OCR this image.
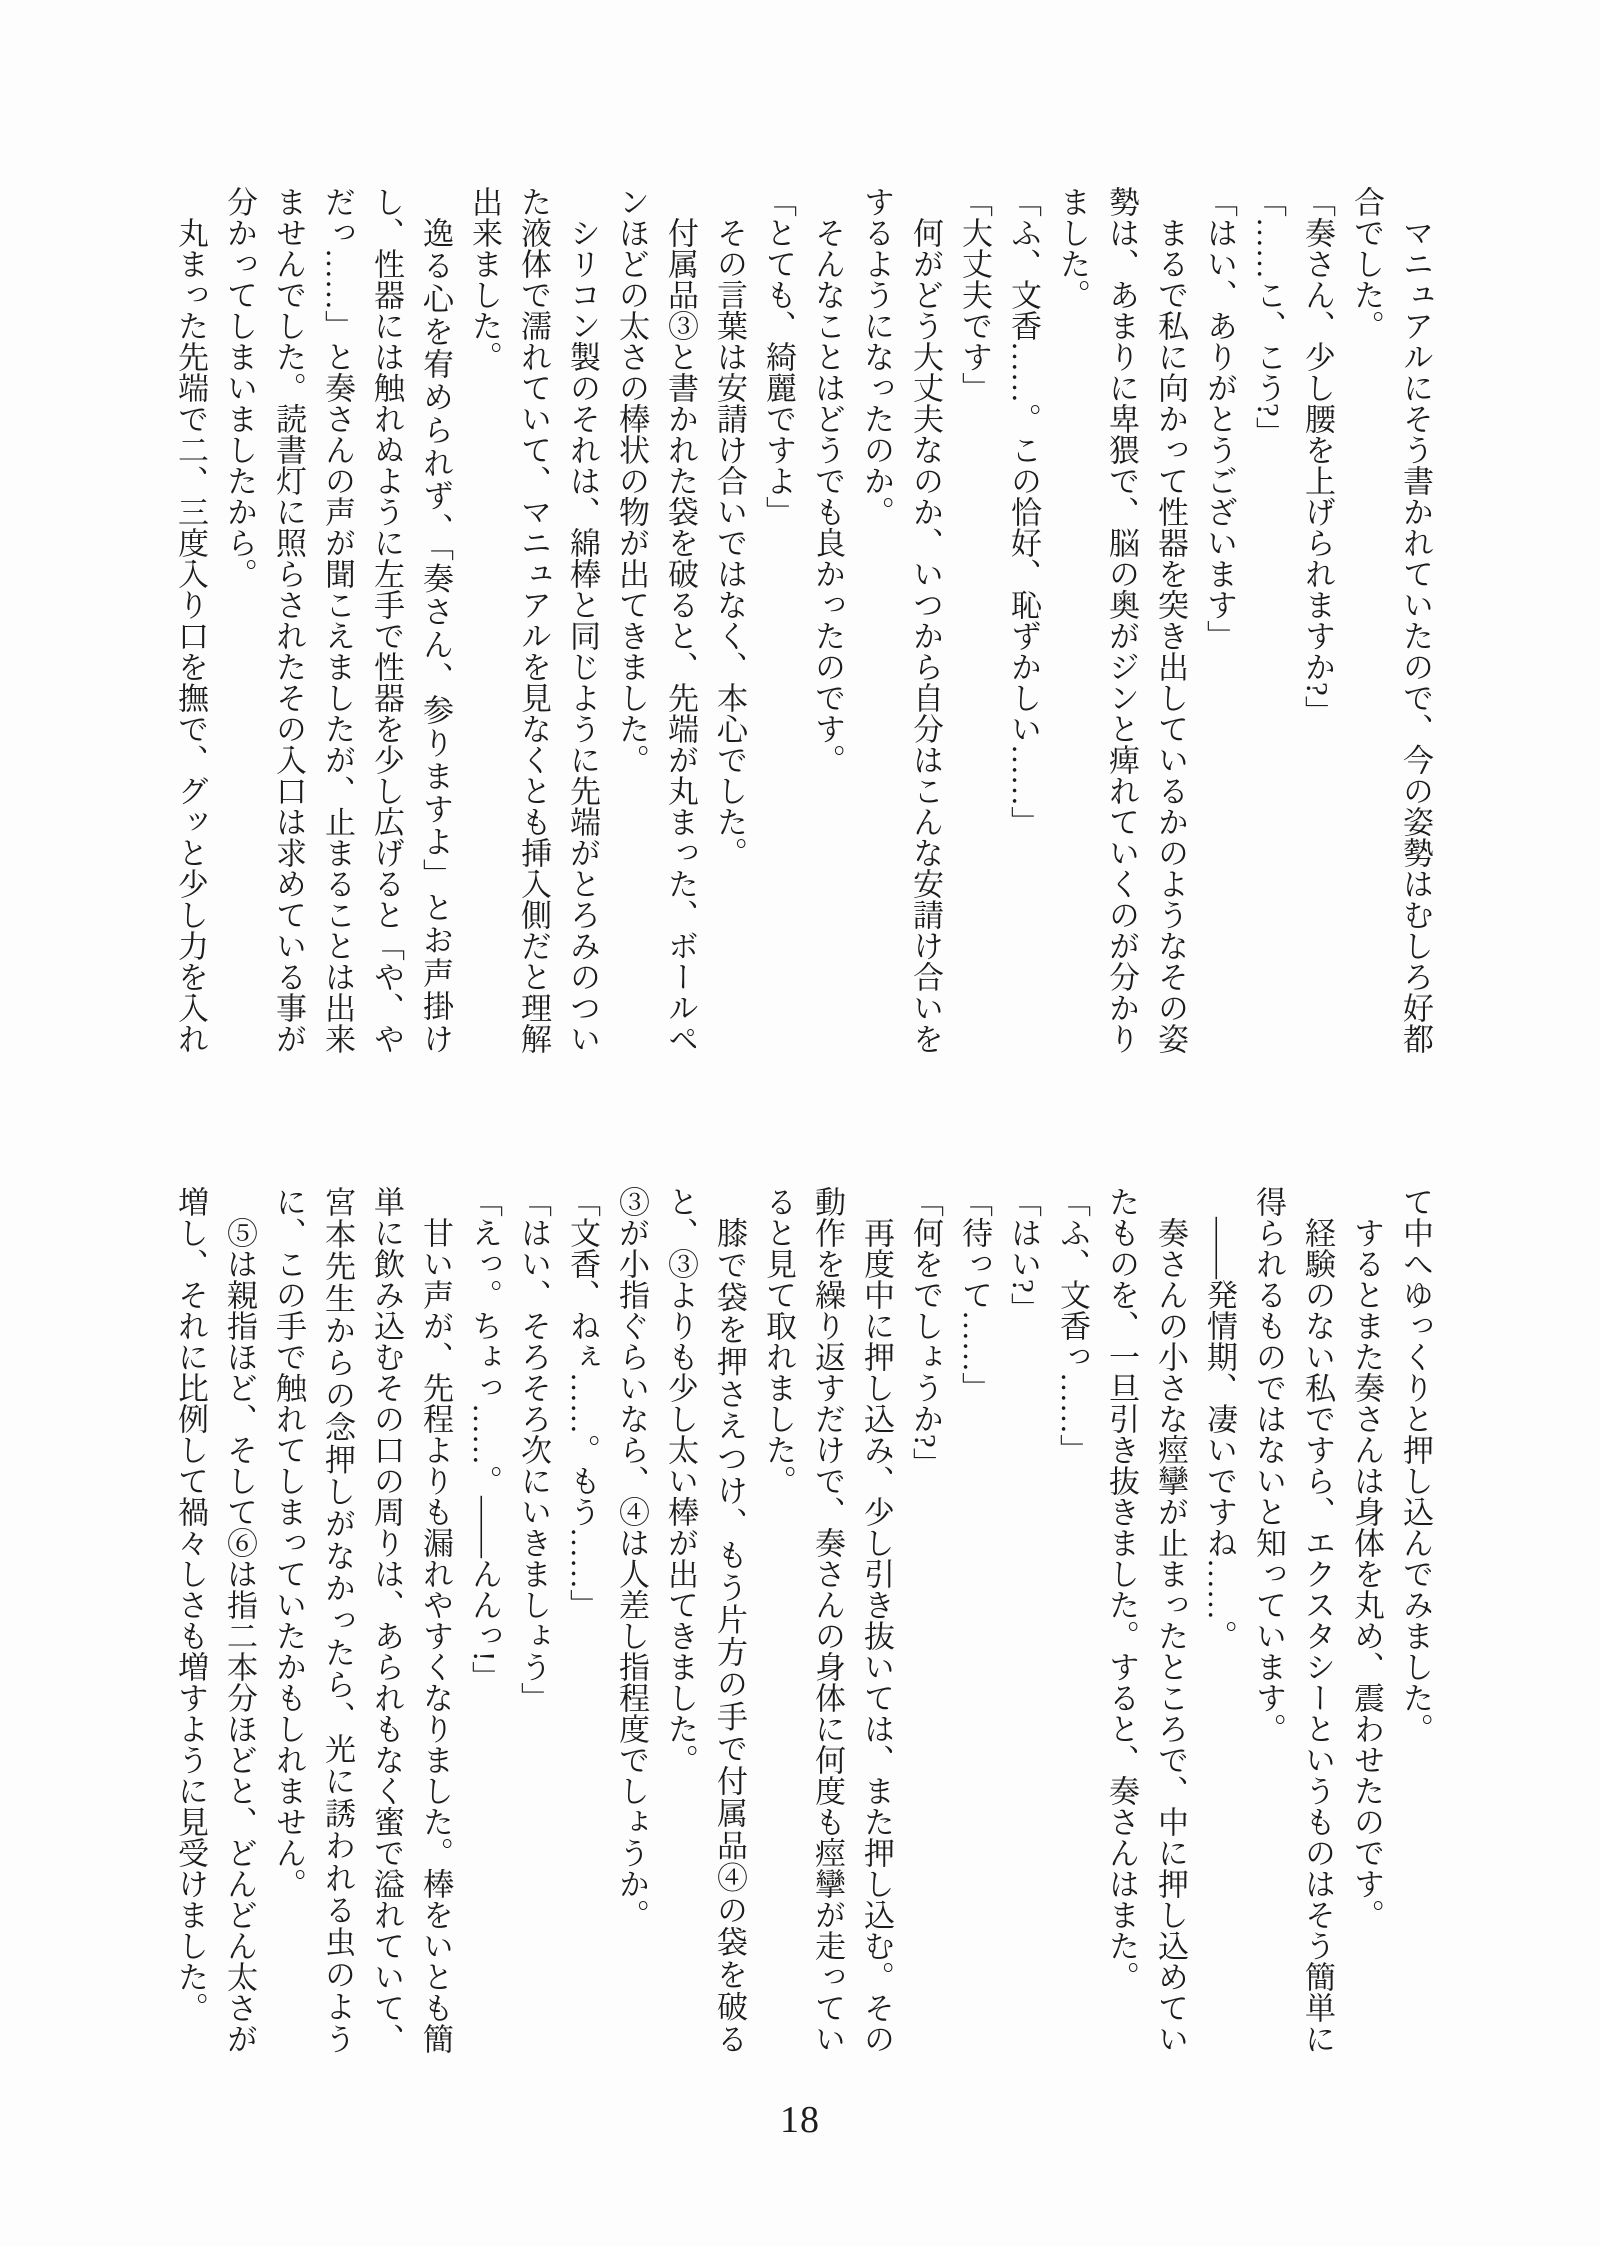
マニュアルにそう書かれていたので、今の姿勢はむしろ好都合でした。

「奏さん、少し腰を上げられますか?」

「……こ、こう?」

「はい、ありがとうございます」

まるで私に向かって性器を突き出しているかのようなその姿勢は、あまりに卑猥で、脳の奥がジンと痺れていくのが分かりました。

「ふ、文香……。この恰好、恥ずかしい……」

「大丈夫です」

何がどう大丈夫なのか、いつから自分はこんな安請け合いをするようになったのか。

そんなことはどうでも良かったのです。

「とても、綺麗ですよ」

その言葉は安請け合いではなく、本心でした。

付属品③と書かれた袋を破ると、先端が丸まった、ボールペンほどの太さの棒状の物が出てきました。

シリコン製のそれは、綿棒と同じように先端がとろみのついた液体で濡れていて、マニュアルを見なくとも挿入側だと理解出来ました。

逸る心を宥められず、「奏さん、参りますよ」とお声掛けし、性器には触れぬように左手で性器を少し広げると「や、やだっ……」と奏さんの声が聞こえましたが、止まることは出来ませんでした。読書灯に照らされたその入口は求めている事が分かってしまいましたから。

丸まった先端で二、三度入り口を撫で、グッと少し力を入れ

て中へゆっくりと押し込んでみました。

するとまた奏さんは身体を丸め、震わせたのです。

経験のない私ですら、エクスタシーというものはそう簡単に得られるものではないと知っています。

――発情期、凄いですね……。

奏さんの小さな痙攣が止まったところで、中に押し込めていたものを、一旦引き抜きました。すると、奏さんはまた。

「ふ、文香っ……」

「はい?」

「待って……」

「何をでしょうか?」

再度中に押し込み、少し引き抜いては、また押し込む。その動作を繰り返すだけで、奏さんの身体に何度も痙攣が走っていると見て取れました。

膝で袋を押さえつけ、もう片方の手で付属品④の袋を破ると、③よりも少し太い棒が出てきました。

③が小指ぐらいなら、④は人差し指程度でしょうか。

「文香、ねぇ……。もう……」

「はい、そろそろ次にいきましょう」

「えっ。ちょっ……。――んんっ!」

甘い声が、先程よりも漏れやすくなりました。棒をいとも簡単に飲み込むその口の周りは、あられもなく蜜で溢れていて、宮本先生からの念押しがなかったら、光に誘われる虫のように、この手で触れてしまっていたかもしれません。

⑤は親指ほど、そして⑥は指二本分ほどと、どんどん太さが増し、それに比例して禍々しさも増すように見受けました。

18
